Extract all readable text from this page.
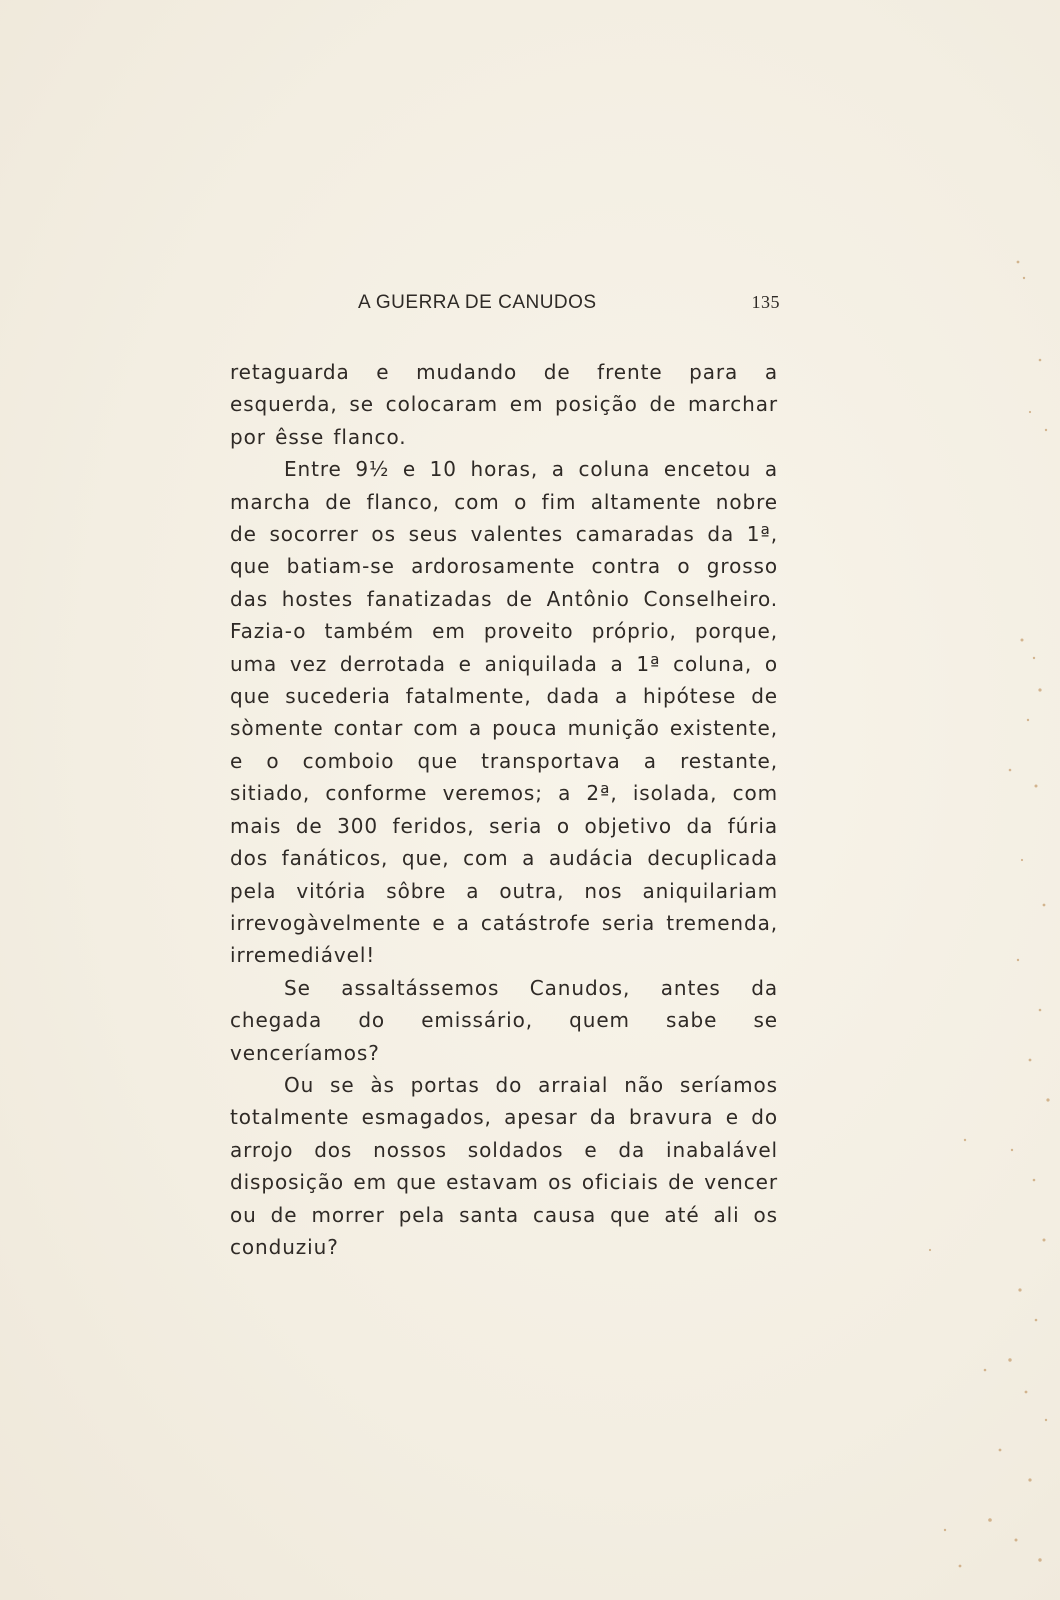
A GUERRA DE CANUDOS	135

retaguarda e mudando de frente para a esquerda, se colocaram em posição de marchar por êsse flanco.

Entre 9½ e 10 horas, a coluna encetou a marcha de flanco, com o fim altamente nobre de socorrer os seus valentes camaradas da 1ª, que batiam-se ardorosamente contra o grosso das hostes fanatizadas de Antônio Conselheiro. Fazia-o também em proveito próprio, porque, uma vez derrotada e aniquilada a 1ª coluna, o que sucederia fatalmente, dada a hipótese de sòmente contar com a pouca munição existente, e o comboio que transportava a restante, sitiado, conforme veremos; a 2ª, isolada, com mais de 300 feridos, seria o objetivo da fúria dos fanáticos, que, com a audácia decuplicada pela vitória sôbre a outra, nos aniquilariam irrevogàvelmente e a catástrofe seria tremenda, irremediável!

Se assaltássemos Canudos, antes da chegada do emissário, quem sabe se venceríamos?

Ou se às portas do arraial não seríamos totalmente esmagados, apesar da bravura e do arrojo dos nossos soldados e da inabalável disposição em que estavam os oficiais de vencer ou de morrer pela santa causa que até ali os conduziu?
